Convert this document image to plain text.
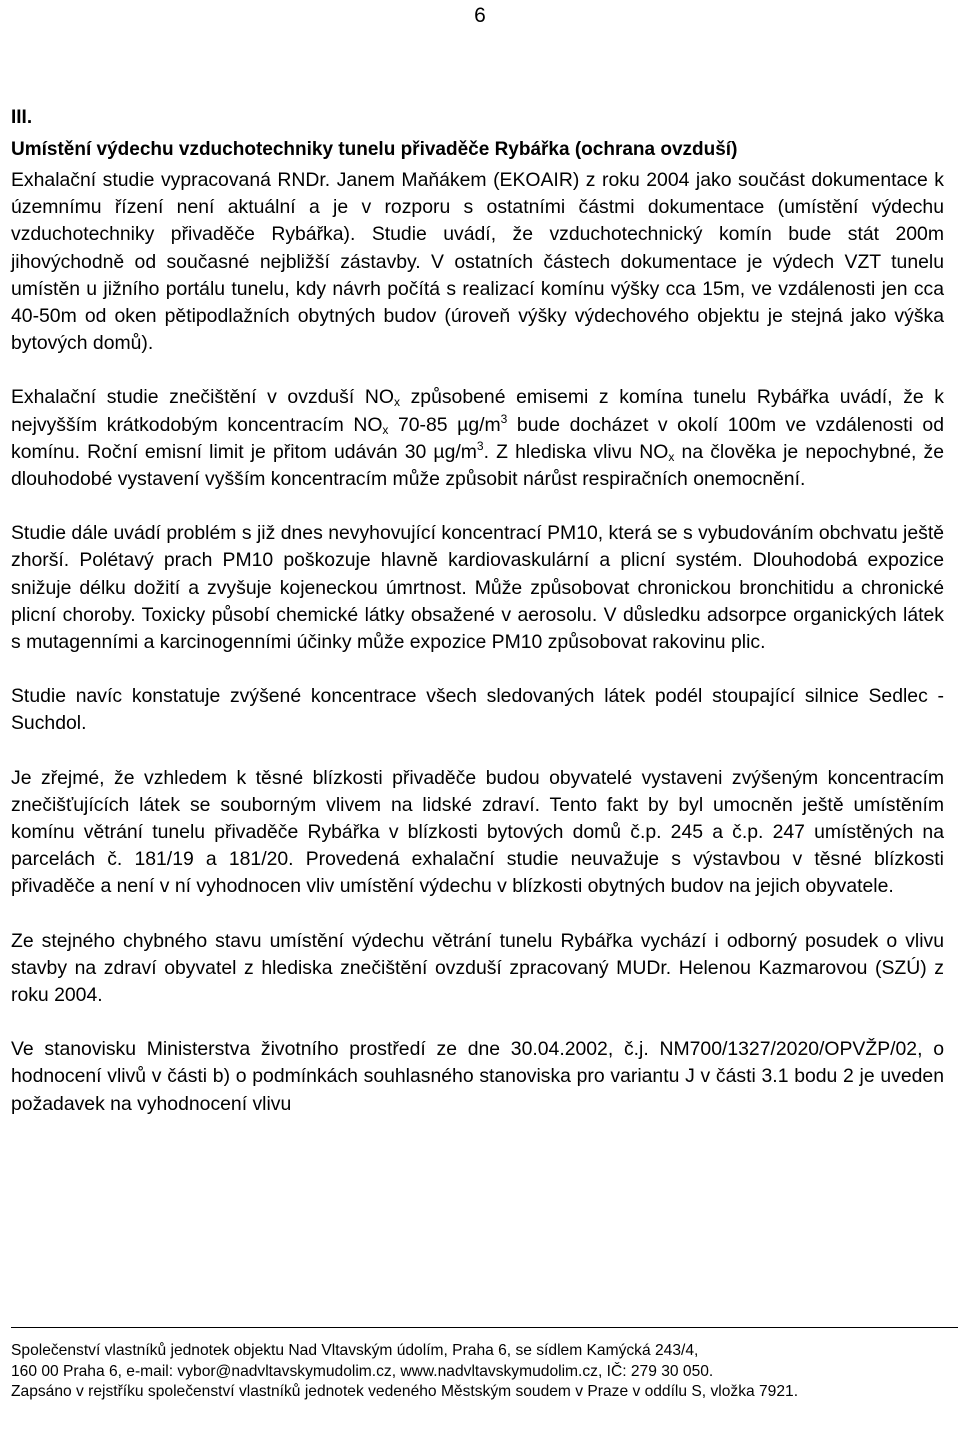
6

III.

Umístění výdechu vzduchotechniky tunelu přivaděče Rybářka (ochrana ovzduší)

Exhalační studie vypracovaná RNDr. Janem Maňákem (EKOAIR) z roku 2004 jako součást dokumentace k územnímu řízení není aktuální a je v rozporu s ostatními částmi dokumentace (umístění výdechu vzduchotechniky přivaděče Rybářka). Studie uvádí, že vzduchotechnický komín bude stát 200m jihovýchodně od současné nejbližší zástavby. V ostatních částech dokumentace je výdech VZT tunelu umístěn u jižního portálu tunelu, kdy návrh počítá s realizací komínu výšky cca 15m, ve vzdálenosti jen cca 40-50m od oken pětipodlažních obytných budov (úroveň výšky výdechového objektu je stejná jako výška bytových domů).

Exhalační studie znečištění v ovzduší $NO_x$ způsobené emisemi z komína tunelu Rybářka uvádí, že k nejvyšším krátkodobým koncentracím $NO_x$ 70-85 $\mu g/m^3$ bude docházet v okolí 100m ve vzdálenosti od komínu. Roční emisní limit je přitom udáván 30 $\mu g/m^3$. Z hlediska vlivu $NO_x$ na člověka je nepochybné, že dlouhodobé vystavení vyšším koncentracím může způsobit nárůst respiračních onemocnění.

Studie dále uvádí problém s již dnes nevyhovující koncentrací PM10, která se s vybudováním obchvatu ještě zhorší. Polétavý prach PM10 poškozuje hlavně kardiovaskulární a plicní systém. Dlouhodobá expozice snižuje délku dožití a zvyšuje kojeneckou úmrtnost. Může způsobovat chronickou bronchitidu a chronické plicní choroby. Toxicky působí chemické látky obsažené v aerosolu. V důsledku adsorpce organických látek s mutagenními a karcinogenními účinky může expozice PM10 způsobovat rakovinu plic.

Studie navíc konstatuje zvýšené koncentrace všech sledovaných látek podél stoupající silnice Sedlec - Suchdol.

Je zřejmé, že vzhledem k těsné blízkosti přivaděče budou obyvatelé vystaveni zvýšeným koncentracím znečišťujících látek se souborným vlivem na lidské zdraví. Tento fakt by byl umocněn ještě umístěním komínu větrání tunelu přivaděče Rybářka v blízkosti bytových domů č.p. 245 a č.p. 247 umístěných na parcelách č. 181/19 a 181/20. Provedená exhalační studie neuvažuje s výstavbou v těsné blízkosti přivaděče a není v ní vyhodnocen vliv umístění výdechu v blízkosti obytných budov na jejich obyvatele.

Ze stejného chybného stavu umístění výdechu větrání tunelu Rybářka vychází i odborný posudek o vlivu stavby na zdraví obyvatel z hlediska znečištění ovzduší zpracovaný MUDr. Helenou Kazmarovou (SZÚ) z roku 2004.

Ve stanovisku Ministerstva životního prostředí ze dne 30.04.2002, č.j. NM700/1327/2020/OPVŽP/02, o hodnocení vlivů v části b) o podmínkách souhlasného stanoviska pro variantu J v části 3.1 bodu 2 je uveden požadavek na vyhodnocení vlivu

Společenství vlastníků jednotek objektu Nad Vltavským údolím, Praha 6, se sídlem Kamýcká 243/4,
160 00 Praha 6, e-mail: vybor@nadvltavskymudolim.cz, www.nadvltavskymudolim.cz, IČ: 279 30 050.
Zapsáno v rejstříku společenství vlastníků jednotek vedeného Městským soudem v Praze v oddílu S, vložka 7921.
